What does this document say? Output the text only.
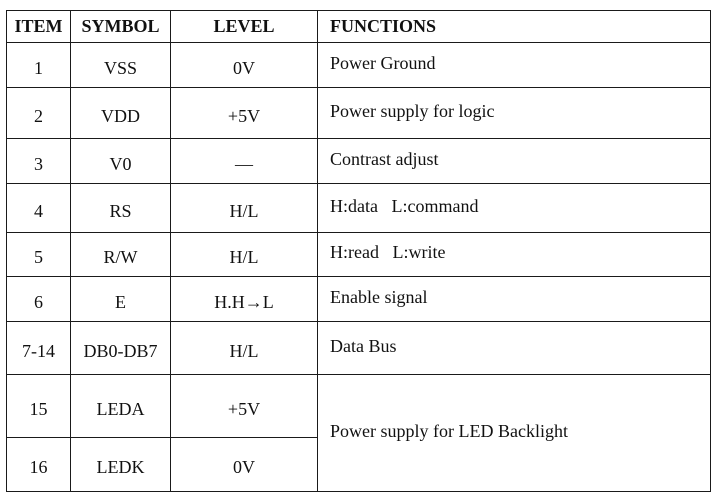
ITEM	SYMBOL	LEVEL	FUNCTIONS
1	VSS	0V	Power Ground
2	VDD	+5V	Power supply for logic
3	V0	—	Contrast adjust
4	RS	H/L	H:data   L:command
5	R/W	H/L	H:read   L:write
6	E	H.H→L	Enable signal
7-14	DB0-DB7	H/L	Data Bus
15	LEDA	+5V	Power supply for LED Backlight
16	LEDK	0V	
